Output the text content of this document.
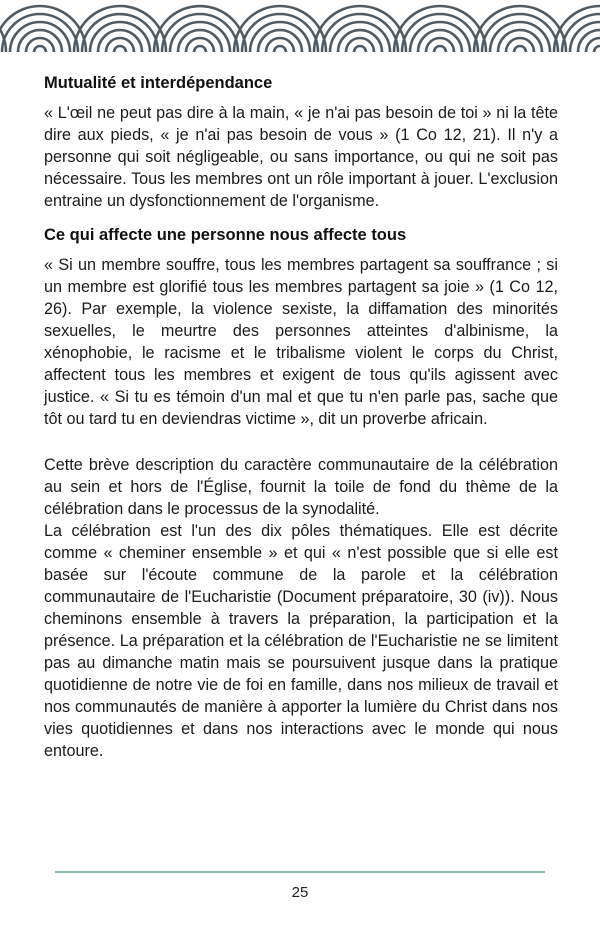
Mutualité et interdépendance

« L'œil ne peut pas dire à la main, « je n'ai pas besoin de toi » ni la tête dire aux pieds, « je n'ai pas besoin de vous » (1 Co 12, 21). Il n'y a personne qui soit négligeable, ou sans importance, ou qui ne soit pas nécessaire. Tous les membres ont un rôle important à jouer. L'exclusion entraine un dysfonctionnement de l'organisme.

Ce qui affecte une personne nous affecte tous

« Si un membre souffre, tous les membres partagent sa souffrance ; si un membre est glorifié tous les membres partagent sa joie » (1 Co 12, 26). Par exemple, la violence sexiste, la diffamation des minorités sexuelles, le meurtre des personnes atteintes d'albinisme, la xénophobie, le racisme et le tribalisme violent le corps du Christ, affectent tous les membres et exigent de tous qu'ils agissent avec justice. « Si tu es témoin d'un mal et que tu n'en parle pas, sache que tôt ou tard tu en deviendras victime », dit un proverbe africain.

Cette brève description du caractère communautaire de la célébration au sein et hors de l'Église, fournit la toile de fond du thème de la célébration dans le processus de la synodalité.

La célébration est l'un des dix pôles thématiques. Elle est décrite comme « cheminer ensemble » et qui « n'est possible que si elle est basée sur l'écoute commune de la parole et la célébration communautaire de l'Eucharistie (Document préparatoire, 30 (iv)). Nous cheminons ensemble à travers la préparation, la participation et la présence. La préparation et la célébration de l'Eucharistie ne se limitent pas au dimanche matin mais se poursuivent jusque dans la pratique quotidienne de notre vie de foi en famille, dans nos milieux de travail et nos communautés de manière à apporter la lumière du Christ dans nos vies quotidiennes et dans nos interactions avec le monde qui nous entoure.

25
